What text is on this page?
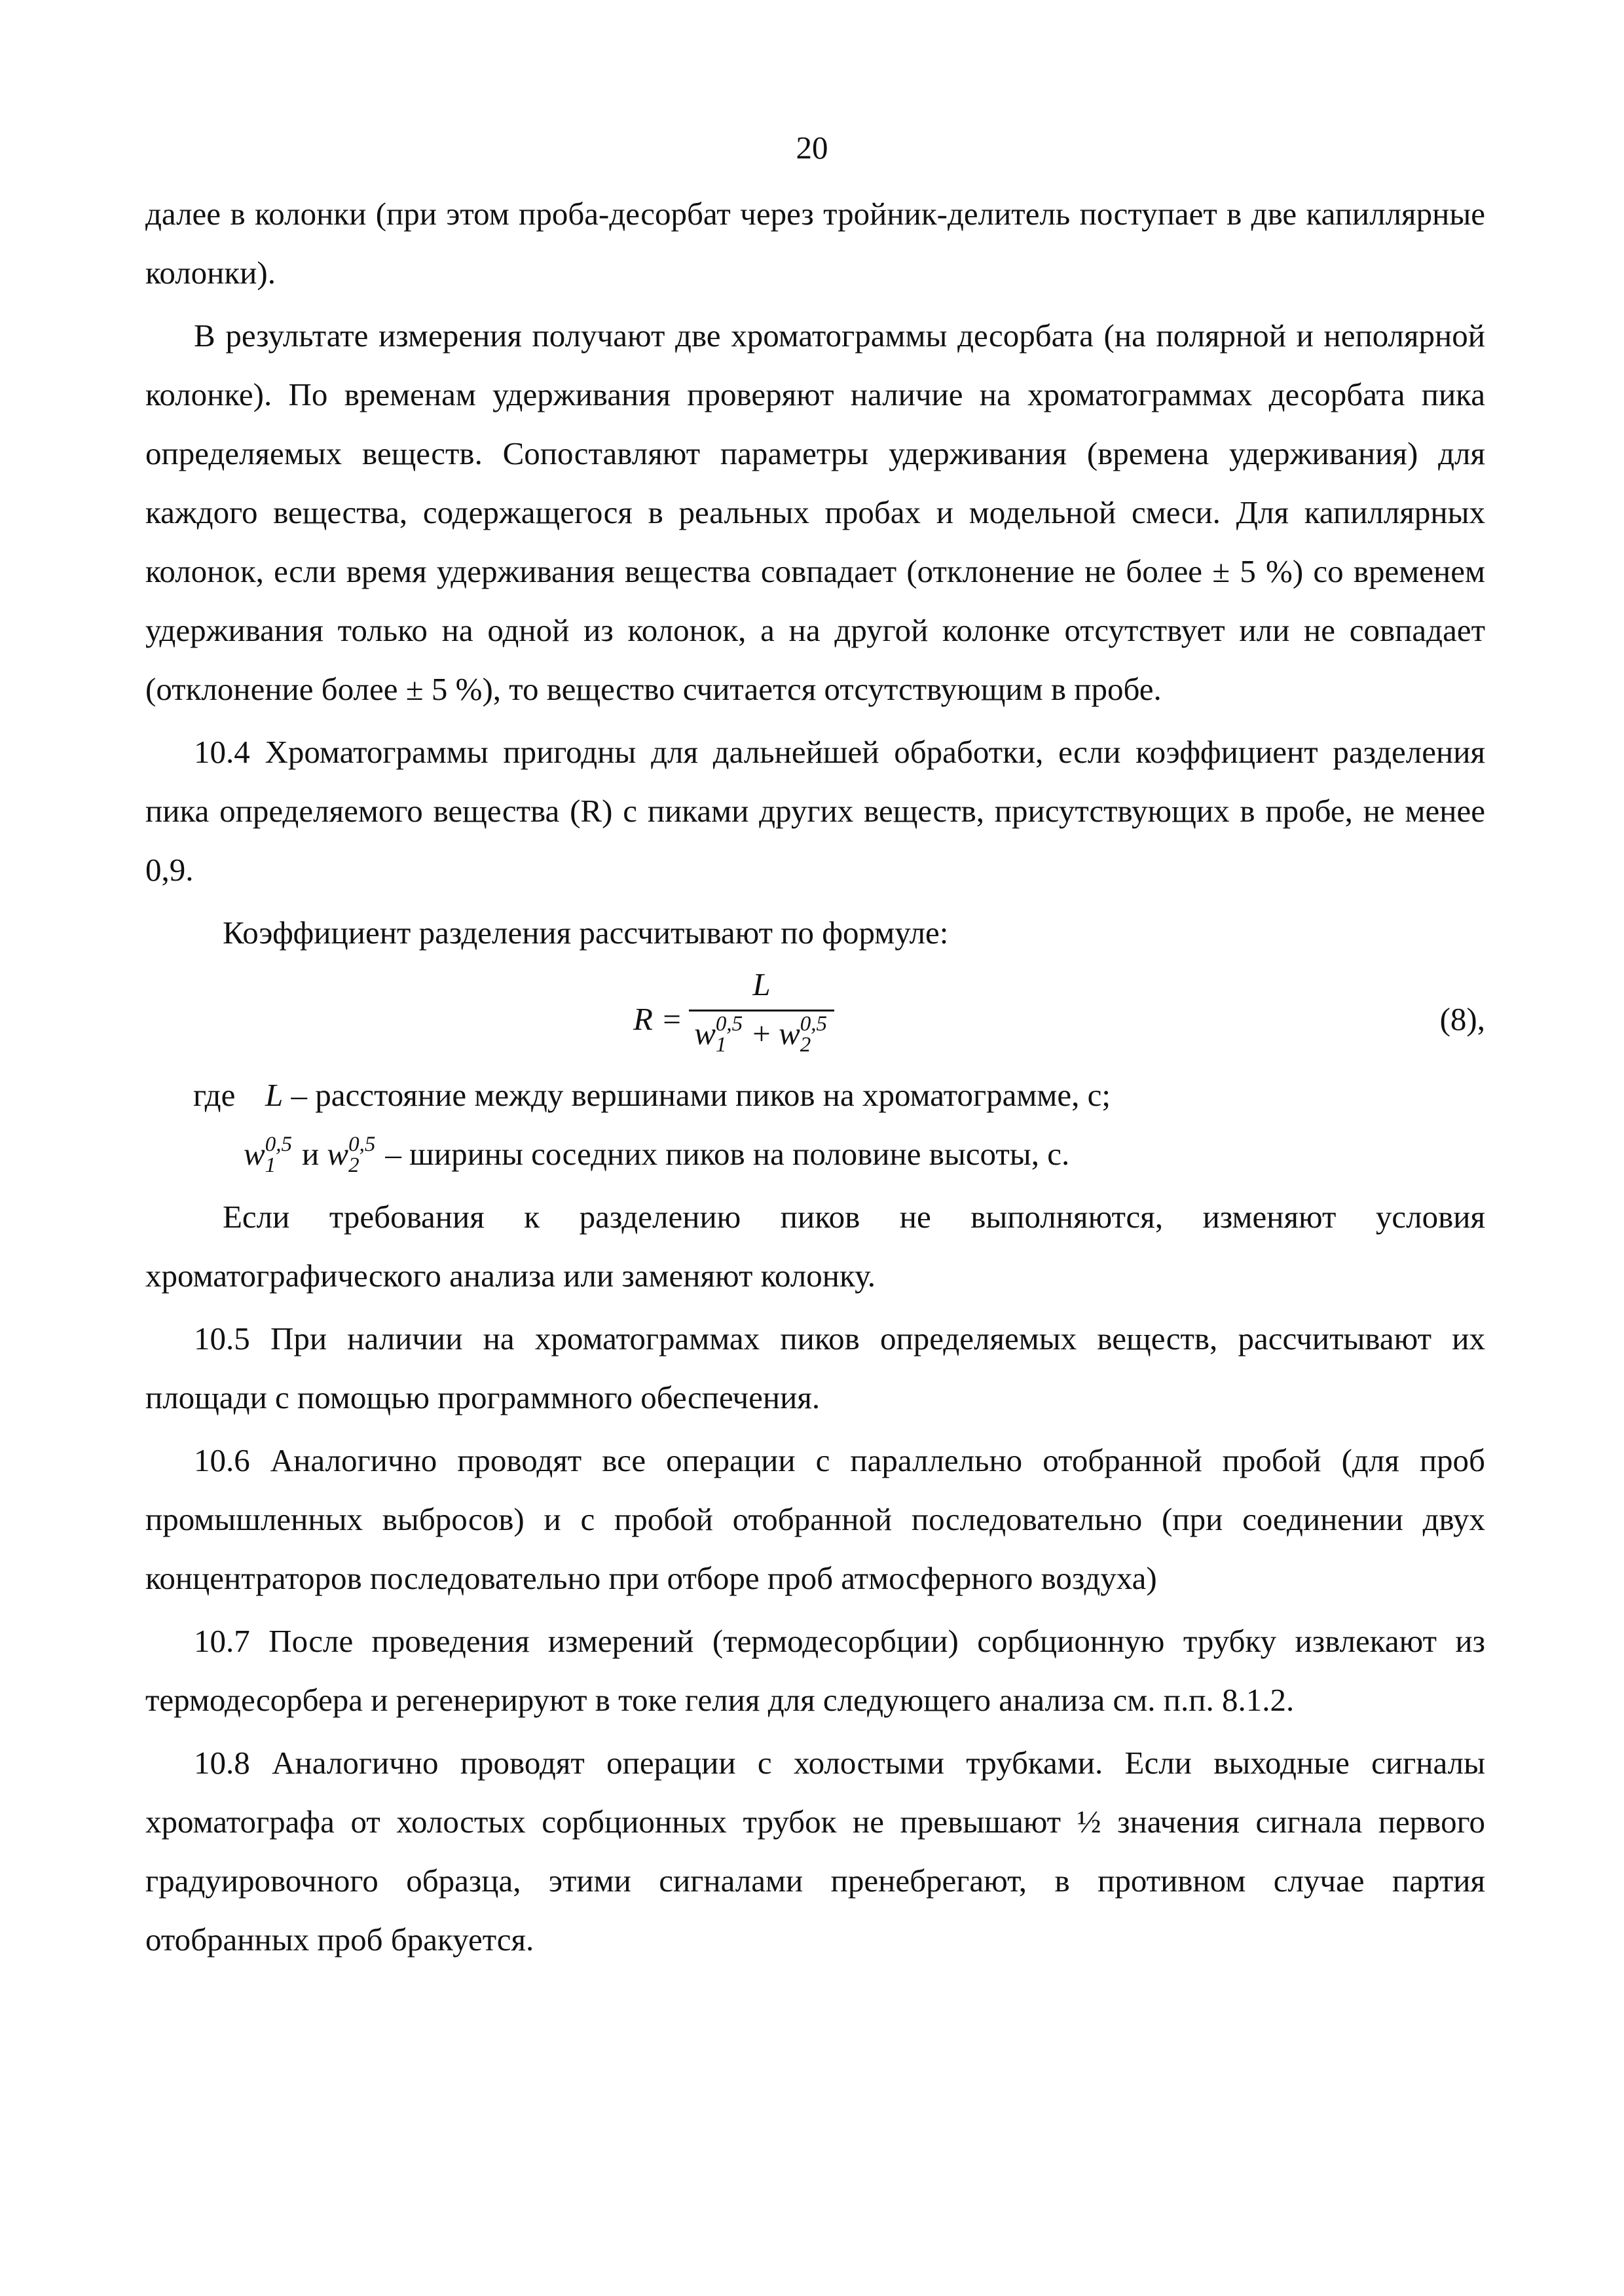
20

далее в колонки (при этом проба-десорбат через тройник-делитель поступает в две капиллярные колонки).

В результате измерения получают две хроматограммы десорбата (на полярной и неполярной колонке). По временам удерживания проверяют наличие на хроматограммах десорбата пика определяемых веществ. Сопоставляют параметры удерживания (времена удерживания) для каждого вещества, содержащегося в реальных пробах и модельной смеси. Для капиллярных колонок, если время удерживания вещества совпадает (отклонение не более ± 5 %) со временем удерживания только на одной из колонок, а на другой колонке отсутствует или не совпадает (отклонение более ± 5 %), то вещество считается отсутствующим в пробе.

10.4 Хроматограммы пригодны для дальнейшей обработки, если коэффициент разделения пика определяемого вещества (R) с пиками других веществ, присутствующих в пробе, не менее 0,9.

Коэффициент разделения рассчитывают по формуле:

R =
L
w 0,5
1 + w 0,5
2
(8),
где L – расстояние между вершинами пиков на хроматограмме, с;
w 0,5
1 и w 0,5
2 – ширины соседних пиков на половине высоты, с.

Если требования к разделению пиков не выполняются, изменяют условия хроматографического анализа или заменяют колонку.

10.5 При наличии на хроматограммах пиков определяемых веществ, рассчитывают их площади с помощью программного обеспечения.

10.6 Аналогично проводят все операции с параллельно отобранной пробой (для проб промышленных выбросов) и с пробой отобранной последовательно (при соединении двух концентраторов последовательно при отборе проб атмосферного воздуха)

10.7 После проведения измерений (термодесорбции) сорбционную трубку извлекают из термодесорбера и регенерируют в токе гелия для следующего анализа см. п.п. 8.1.2.

10.8 Аналогично проводят операции с холостыми трубками. Если выходные сигналы хроматографа от холостых сорбционных трубок не превышают ½ значения сигнала первого градуировочного образца, этими сигналами пренебрегают, в противном случае партия отобранных проб бракуется.
